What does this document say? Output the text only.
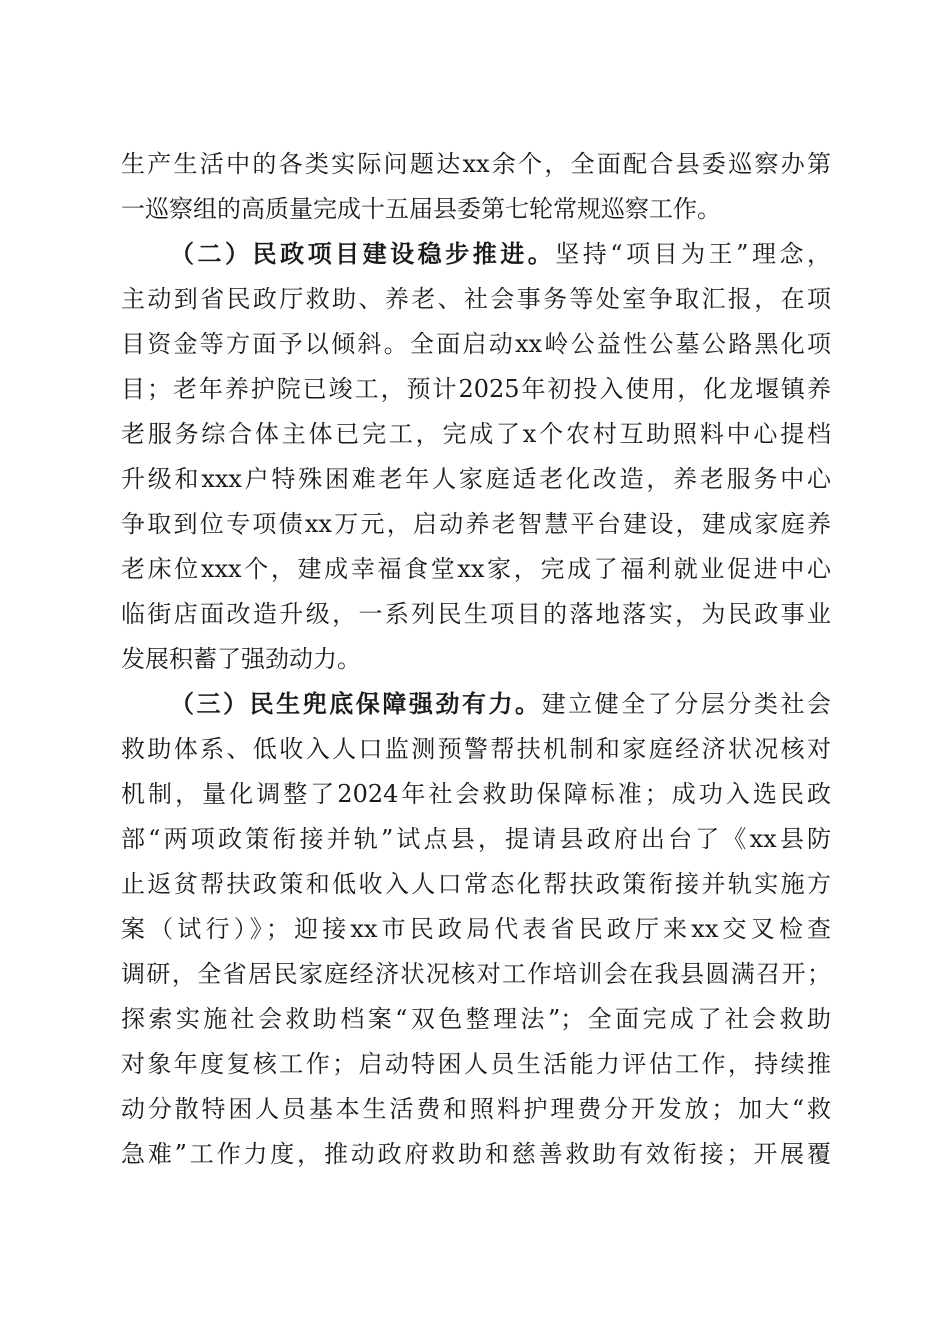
生产生活中的各类实际问题达xx余个，全面配合县委巡察办第
一巡察组的高质量完成十五届县委第七轮常规巡察工作。
（二）民政项目建设稳步推进。坚持“项目为王”理念，
主动到省民政厅救助、养老、社会事务等处室争取汇报，在项
目资金等方面予以倾斜。全面启动xx岭公益性公墓公路黑化项
目；老年养护院已竣工，预计2025年初投入使用，化龙堰镇养
老服务综合体主体已完工，完成了x个农村互助照料中心提档
升级和xxx户特殊困难老年人家庭适老化改造，养老服务中心
争取到位专项债xx万元，启动养老智慧平台建设，建成家庭养
老床位xxx个，建成幸福食堂xx家，完成了福利就业促进中心
临街店面改造升级，一系列民生项目的落地落实，为民政事业
发展积蓄了强劲动力。
（三）民生兜底保障强劲有力。建立健全了分层分类社会
救助体系、低收入人口监测预警帮扶机制和家庭经济状况核对
机制，量化调整了2024年社会救助保障标准；成功入选民政
部“两项政策衔接并轨”试点县，提请县政府出台了《xx县防
止返贫帮扶政策和低收入人口常态化帮扶政策衔接并轨实施方
案（试行）》；迎接xx市民政局代表省民政厅来xx交叉检查
调研，全省居民家庭经济状况核对工作培训会在我县圆满召开；
探索实施社会救助档案“双色整理法”；全面完成了社会救助
对象年度复核工作；启动特困人员生活能力评估工作，持续推
动分散特困人员基本生活费和照料护理费分开发放；加大“救
急难”工作力度，推动政府救助和慈善救助有效衔接；开展覆
